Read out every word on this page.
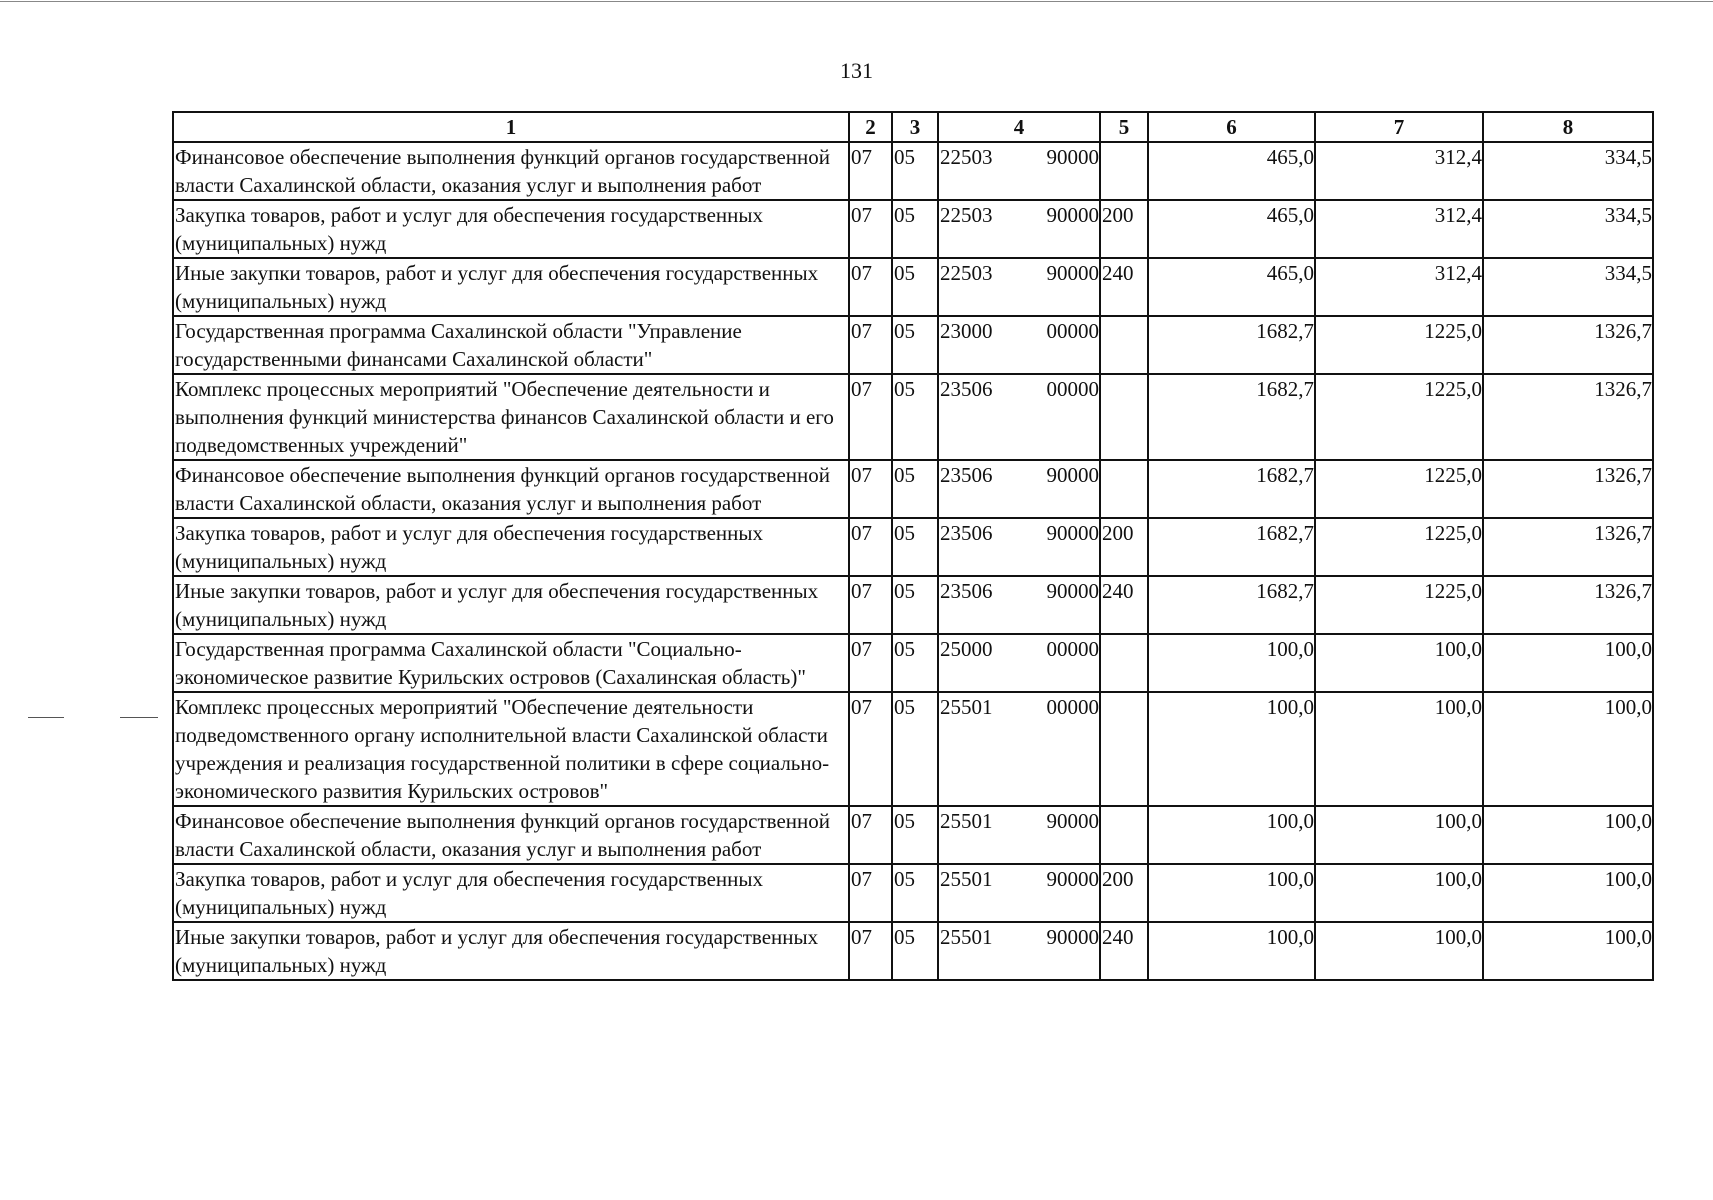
131
1	2	3	4	5	6	7	8
Финансовое обеспечение выполнения функций органов государственной власти Сахалинской области, оказания услуг и выполнения работ	07	05	22503 90000		465,0	312,4	334,5
Закупка товаров, работ и услуг для обеспечения государственных (муниципальных) нужд	07	05	22503 90000	200	465,0	312,4	334,5
Иные закупки товаров, работ и услуг для обеспечения государственных (муниципальных) нужд	07	05	22503 90000	240	465,0	312,4	334,5
Государственная программа Сахалинской области "Управление государственными финансами Сахалинской области"	07	05	23000 00000		1682,7	1225,0	1326,7
Комплекс процессных мероприятий "Обеспечение деятельности и выполнения функций министерства финансов Сахалинской области и его подведомственных учреждений"	07	05	23506 00000		1682,7	1225,0	1326,7
Финансовое обеспечение выполнения функций органов государственной власти Сахалинской области, оказания услуг и выполнения работ	07	05	23506 90000		1682,7	1225,0	1326,7
Закупка товаров, работ и услуг для обеспечения государственных (муниципальных) нужд	07	05	23506 90000	200	1682,7	1225,0	1326,7
Иные закупки товаров, работ и услуг для обеспечения государственных (муниципальных) нужд	07	05	23506 90000	240	1682,7	1225,0	1326,7
Государственная программа Сахалинской области "Социально-экономическое развитие Курильских островов (Сахалинская область)"	07	05	25000 00000		100,0	100,0	100,0
Комплекс процессных мероприятий "Обеспечение деятельности подведомственного органу исполнительной власти Сахалинской области учреждения и реализация государственной политики в сфере социально-экономического развития Курильских островов"	07	05	25501 00000		100,0	100,0	100,0
Финансовое обеспечение выполнения функций органов государственной власти Сахалинской области, оказания услуг и выполнения работ	07	05	25501 90000		100,0	100,0	100,0
Закупка товаров, работ и услуг для обеспечения государственных (муниципальных) нужд	07	05	25501 90000	200	100,0	100,0	100,0
Иные закупки товаров, работ и услуг для обеспечения государственных (муниципальных) нужд	07	05	25501 90000	240	100,0	100,0	100,0
